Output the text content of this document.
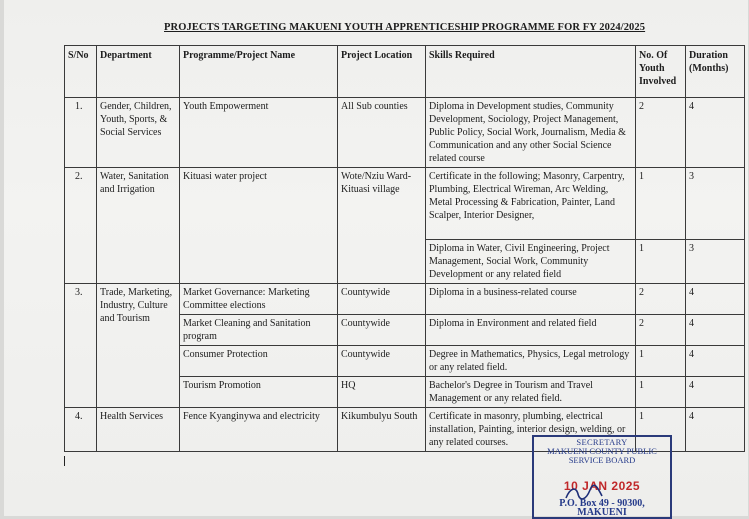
PROJECTS TARGETING MAKUENI YOUTH APPRENTICESHIP PROGRAMME FOR FY 2024/2025
S/No	Department	Programme/Project Name	Project Location	Skills Required	No. Of Youth Involved	Duration (Months)
1.	Gender, Children, Youth, Sports, & Social Services	Youth Empowerment	All Sub counties	Diploma in Development studies, Community Development, Sociology, Project Management, Public Policy, Social Work, Journalism, Media & Communication and any other Social Science related course	2	4
2.	Water, Sanitation and Irrigation	Kituasi water project	Wote/Nziu Ward-Kituasi village	Certificate in the following; Masonry, Carpentry, Plumbing, Electrical Wireman, Arc Welding, Metal Processing & Fabrication, Painter, Land Scalper, Interior Designer,	1	3
				Diploma in Water, Civil Engineering, Project Management, Social Work, Community Development or any related field	1	3
3.	Trade, Marketing, Industry, Culture and Tourism	Market Governance: Marketing Committee elections	Countywide	Diploma in a business-related course	2	4
		Market Cleaning and Sanitation program	Countywide	Diploma in Environment and related field	2	4
		Consumer Protection	Countywide	Degree in Mathematics, Physics, Legal metrology or any related field.	1	4
		Tourism Promotion	HQ	Bachelor's Degree in Tourism and Travel Management or any related field.	1	4
4.	Health Services	Fence Kyanginywa and electricity	Kikumbulyu South	Certificate in masonry, plumbing, electrical installation, Painting, interior design, welding, or any related courses.	1	4
SECRETARY
MAKUENI COUNTY PUBLIC
SERVICE BOARD
10 JAN 2025
P.O. Box 49 - 90300,
MAKUENI
